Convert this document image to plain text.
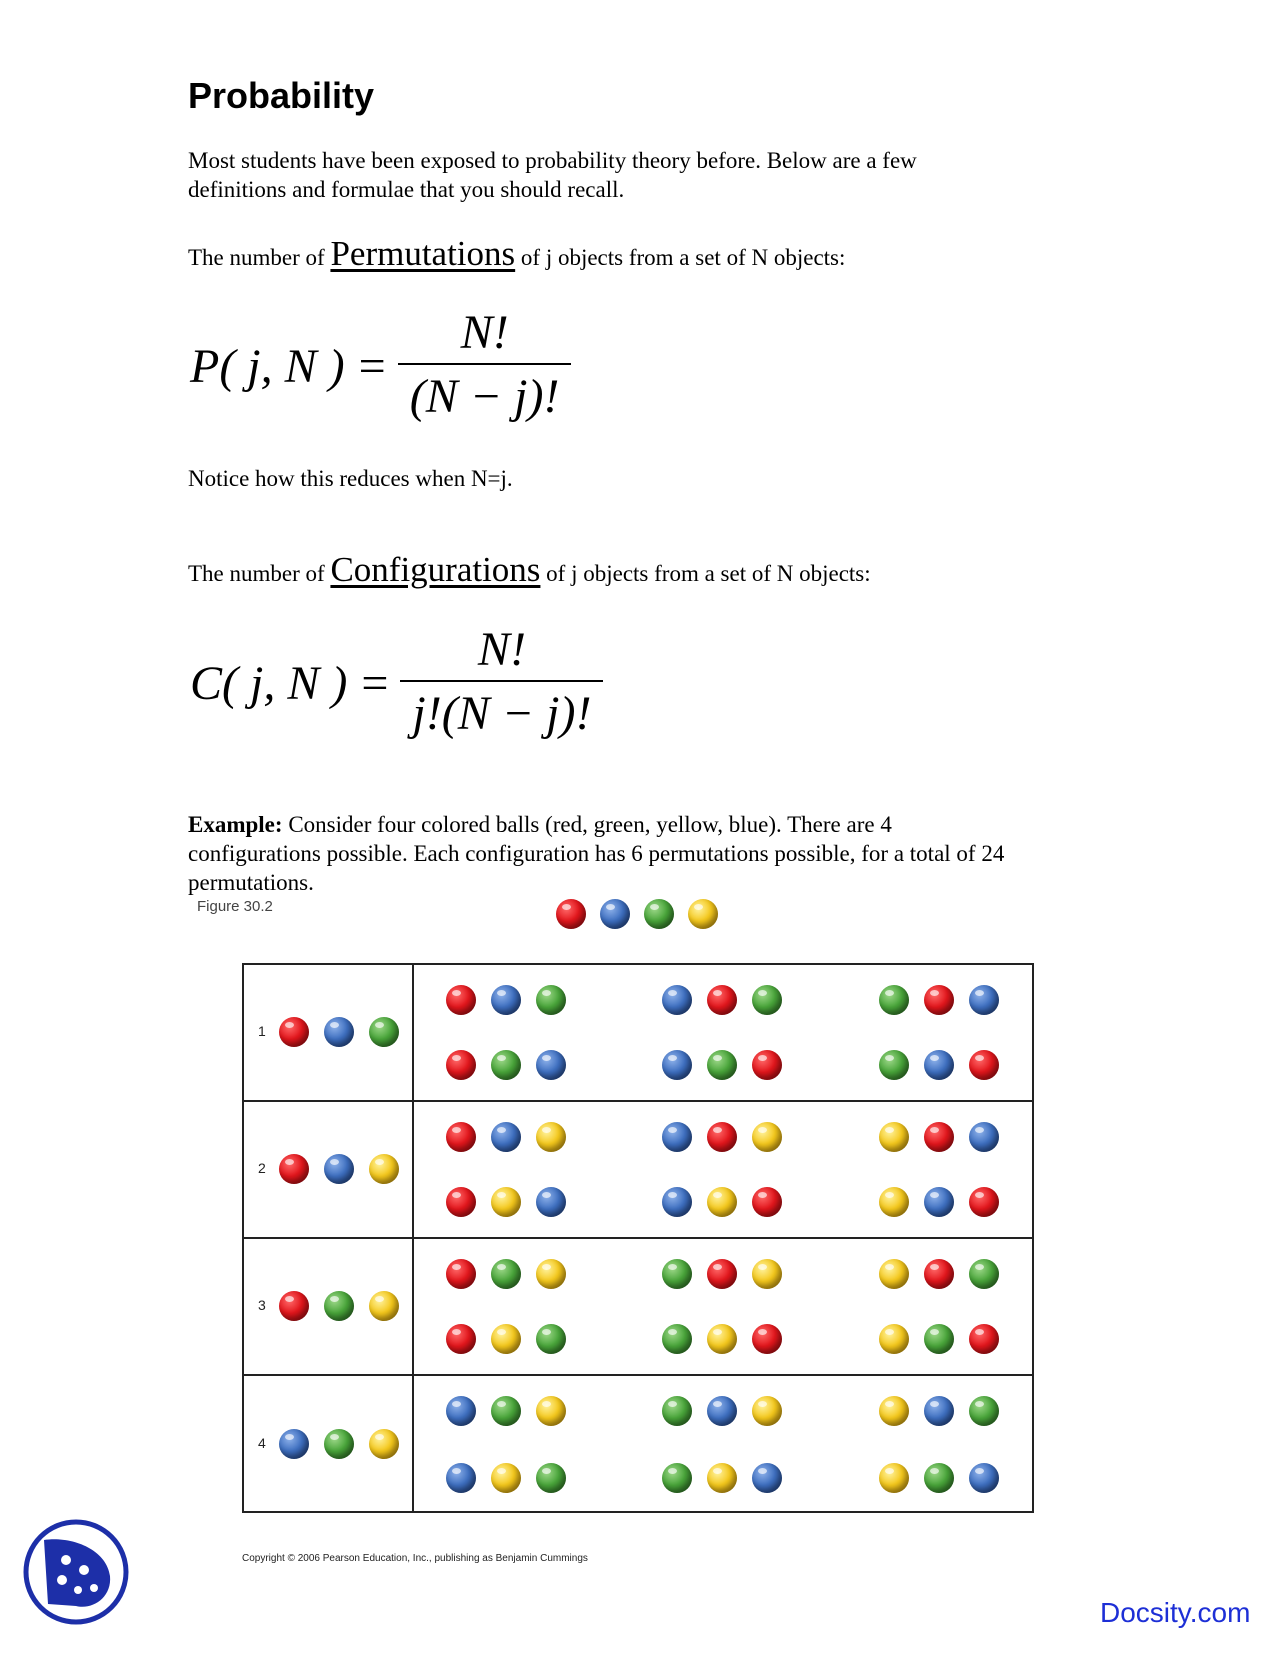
Probability

Most students have been exposed to probability theory before. Below are a few
definitions and formulae that you should recall.

The number of Permutations of j objects from a set of N objects:

P( j, N ) = $\frac{N!}{(N - j)!}$

Notice how this reduces when N=j.

The number of Configurations of j objects from a set of N objects:

C( j, N ) = $\frac{N!}{j!(N - j)!}$

Example: Consider four colored balls (red, green, yellow, blue). There are 4
configurations possible. Each configuration has 6 permutations possible, for a total of 24
permutations.

Figure 30.2
1
2
3
4
Copyright © 2006 Pearson Education, Inc., publishing as Benjamin Cummings
Docsity.com
